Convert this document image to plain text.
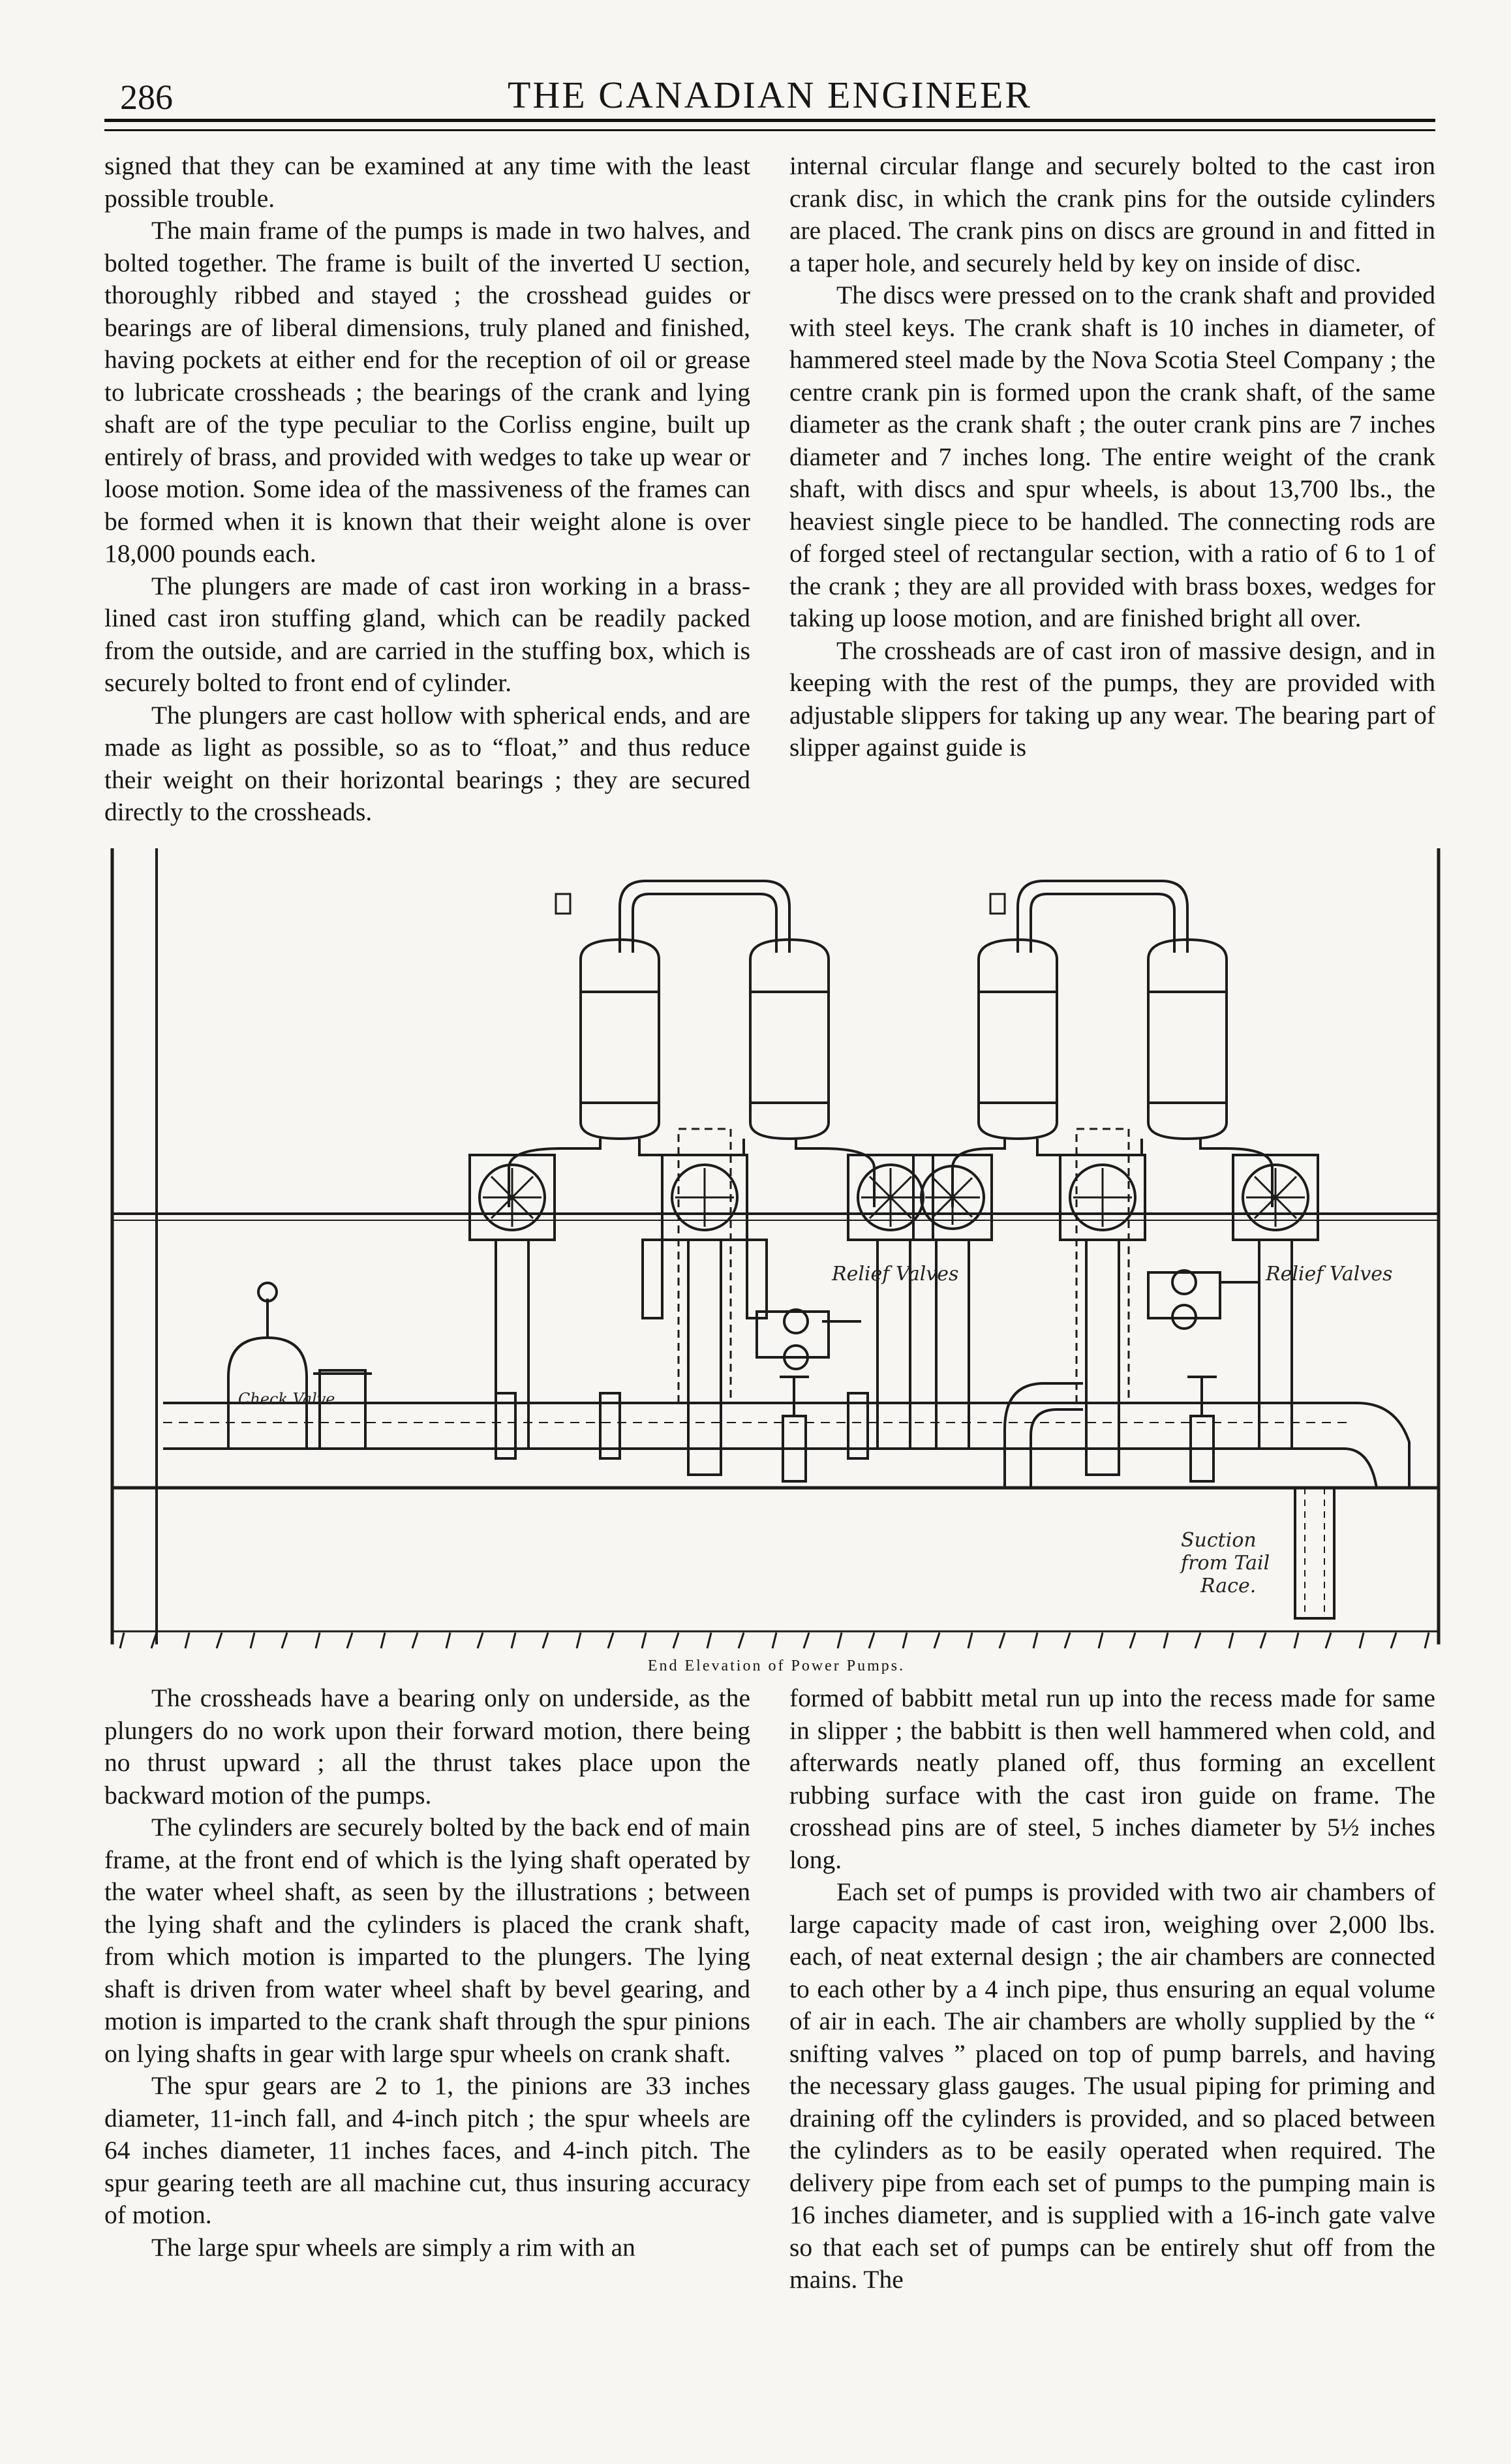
286	THE CANADIAN ENGINEER

signed that they can be examined at any time with the least possible trouble.

The main frame of the pumps is made in two halves, and bolted together. The frame is built of the inverted U section, thoroughly ribbed and stayed ; the crosshead guides or bearings are of liberal dimensions, truly planed and finished, having pockets at either end for the reception of oil or grease to lubricate crossheads ; the bearings of the crank and lying shaft are of the type peculiar to the Corliss engine, built up entirely of brass, and provided with wedges to take up wear or loose motion. Some idea of the massiveness of the frames can be formed when it is known that their weight alone is over 18,000 pounds each.

The plungers are made of cast iron working in a brass-lined cast iron stuffing gland, which can be readily packed from the outside, and are carried in the stuffing box, which is securely bolted to front end of cylinder.

The plungers are cast hollow with spherical ends, and are made as light as possible, so as to “float,” and thus reduce their weight on their horizontal bearings ; they are secured directly to the crossheads.

internal circular flange and securely bolted to the cast iron crank disc, in which the crank pins for the outside cylinders are placed. The crank pins on discs are ground in and fitted in a taper hole, and securely held by key on inside of disc.

The discs were pressed on to the crank shaft and provided with steel keys. The crank shaft is 10 inches in diameter, of hammered steel made by the Nova Scotia Steel Company ; the centre crank pin is formed upon the crank shaft, of the same diameter as the crank shaft ; the outer crank pins are 7 inches diameter and 7 inches long. The entire weight of the crank shaft, with discs and spur wheels, is about 13,700 lbs., the heaviest single piece to be handled. The connecting rods are of forged steel of rectangular section, with a ratio of 6 to 1 of the crank ; they are all provided with brass boxes, wedges for taking up loose motion, and are finished bright all over.

The crossheads are of cast iron of massive design, and in keeping with the rest of the pumps, they are provided with adjustable slippers for taking up any wear. The bearing part of slipper against guide is

Relief Valves	Relief Valves
Check Valve
Suction
from Tail
Race.
End Elevation of Power Pumps.

The crossheads have a bearing only on underside, as the plungers do no work upon their forward motion, there being no thrust upward ; all the thrust takes place upon the backward motion of the pumps.

The cylinders are securely bolted by the back end of main frame, at the front end of which is the lying shaft operated by the water wheel shaft, as seen by the illustrations ; between the lying shaft and the cylinders is placed the crank shaft, from which motion is imparted to the plungers. The lying shaft is driven from water wheel shaft by bevel gearing, and motion is imparted to the crank shaft through the spur pinions on lying shafts in gear with large spur wheels on crank shaft.

The spur gears are 2 to 1, the pinions are 33 inches diameter, 11-inch fall, and 4-inch pitch ; the spur wheels are 64 inches diameter, 11 inches faces, and 4-inch pitch. The spur gearing teeth are all machine cut, thus insuring accuracy of motion.

The large spur wheels are simply a rim with an

formed of babbitt metal run up into the recess made for same in slipper ; the babbitt is then well hammered when cold, and afterwards neatly planed off, thus forming an excellent rubbing surface with the cast iron guide on frame. The crosshead pins are of steel, 5 inches diameter by 5½ inches long.

Each set of pumps is provided with two air chambers of large capacity made of cast iron, weighing over 2,000 lbs. each, of neat external design ; the air chambers are connected to each other by a 4 inch pipe, thus ensuring an equal volume of air in each. The air chambers are wholly supplied by the “ snifting valves ” placed on top of pump barrels, and having the necessary glass gauges. The usual piping for priming and draining off the cylinders is provided, and so placed between the cylinders as to be easily operated when required. The delivery pipe from each set of pumps to the pumping main is 16 inches diameter, and is supplied with a 16-inch gate valve so that each set of pumps can be entirely shut off from the mains. The
